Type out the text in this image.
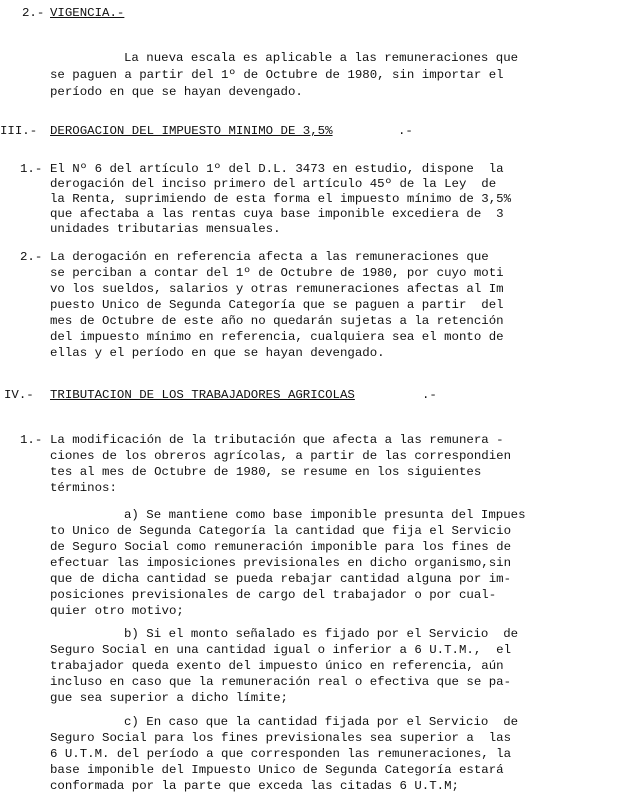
2.- VIGENCIA.-
La nueva escala es aplicable a las remuneraciones que
se paguen a partir del 1º de Octubre de 1980, sin importar el
período en que se hayan devengado.
III.- DEROGACION DEL IMPUESTO MINIMO DE 3,5%	.-
1.- El Nº 6 del artículo 1º del D.L. 3473 en estudio, dispone  la
derogación del inciso primero del artículo 45º de la Ley  de
la Renta, suprimiendo de esta forma el impuesto mínimo de 3,5%
que afectaba a las rentas cuya base imponible excediera de  3
unidades tributarias mensuales.
2.- La derogación en referencia afecta a las remuneraciones que
se perciban a contar del 1º de Octubre de 1980, por cuyo moti
vo los sueldos, salarios y otras remuneraciones afectas al Im
puesto Unico de Segunda Categoría que se paguen a partir  del
mes de Octubre de este año no quedarán sujetas a la retención
del impuesto mínimo en referencia, cualquiera sea el monto de
ellas y el período en que se hayan devengado.
IV.- TRIBUTACION DE LOS TRABAJADORES AGRICOLAS	.-
1.- La modificación de la tributación que afecta a las remunera -
ciones de los obreros agrícolas, a partir de las correspondien
tes al mes de Octubre de 1980, se resume en los siguientes
términos:
a) Se mantiene como base imponible presunta del Impues
to Unico de Segunda Categoría la cantidad que fija el Servicio
de Seguro Social como remuneración imponible para los fines de
efectuar las imposiciones previsionales en dicho organismo,sin
que de dicha cantidad se pueda rebajar cantidad alguna por im-
posiciones previsionales de cargo del trabajador o por cual-
quier otro motivo;
b) Si el monto señalado es fijado por el Servicio  de
Seguro Social en una cantidad igual o inferior a 6 U.T.M.,  el
trabajador queda exento del impuesto único en referencia, aún
incluso en caso que la remuneración real o efectiva que se pa-
gue sea superior a dicho límite;
c) En caso que la cantidad fijada por el Servicio  de
Seguro Social para los fines previsionales sea superior a  las
6 U.T.M. del período a que corresponden las remuneraciones, la
base imponible del Impuesto Unico de Segunda Categoría estará
conformada por la parte que exceda las citadas 6 U.T.M;
